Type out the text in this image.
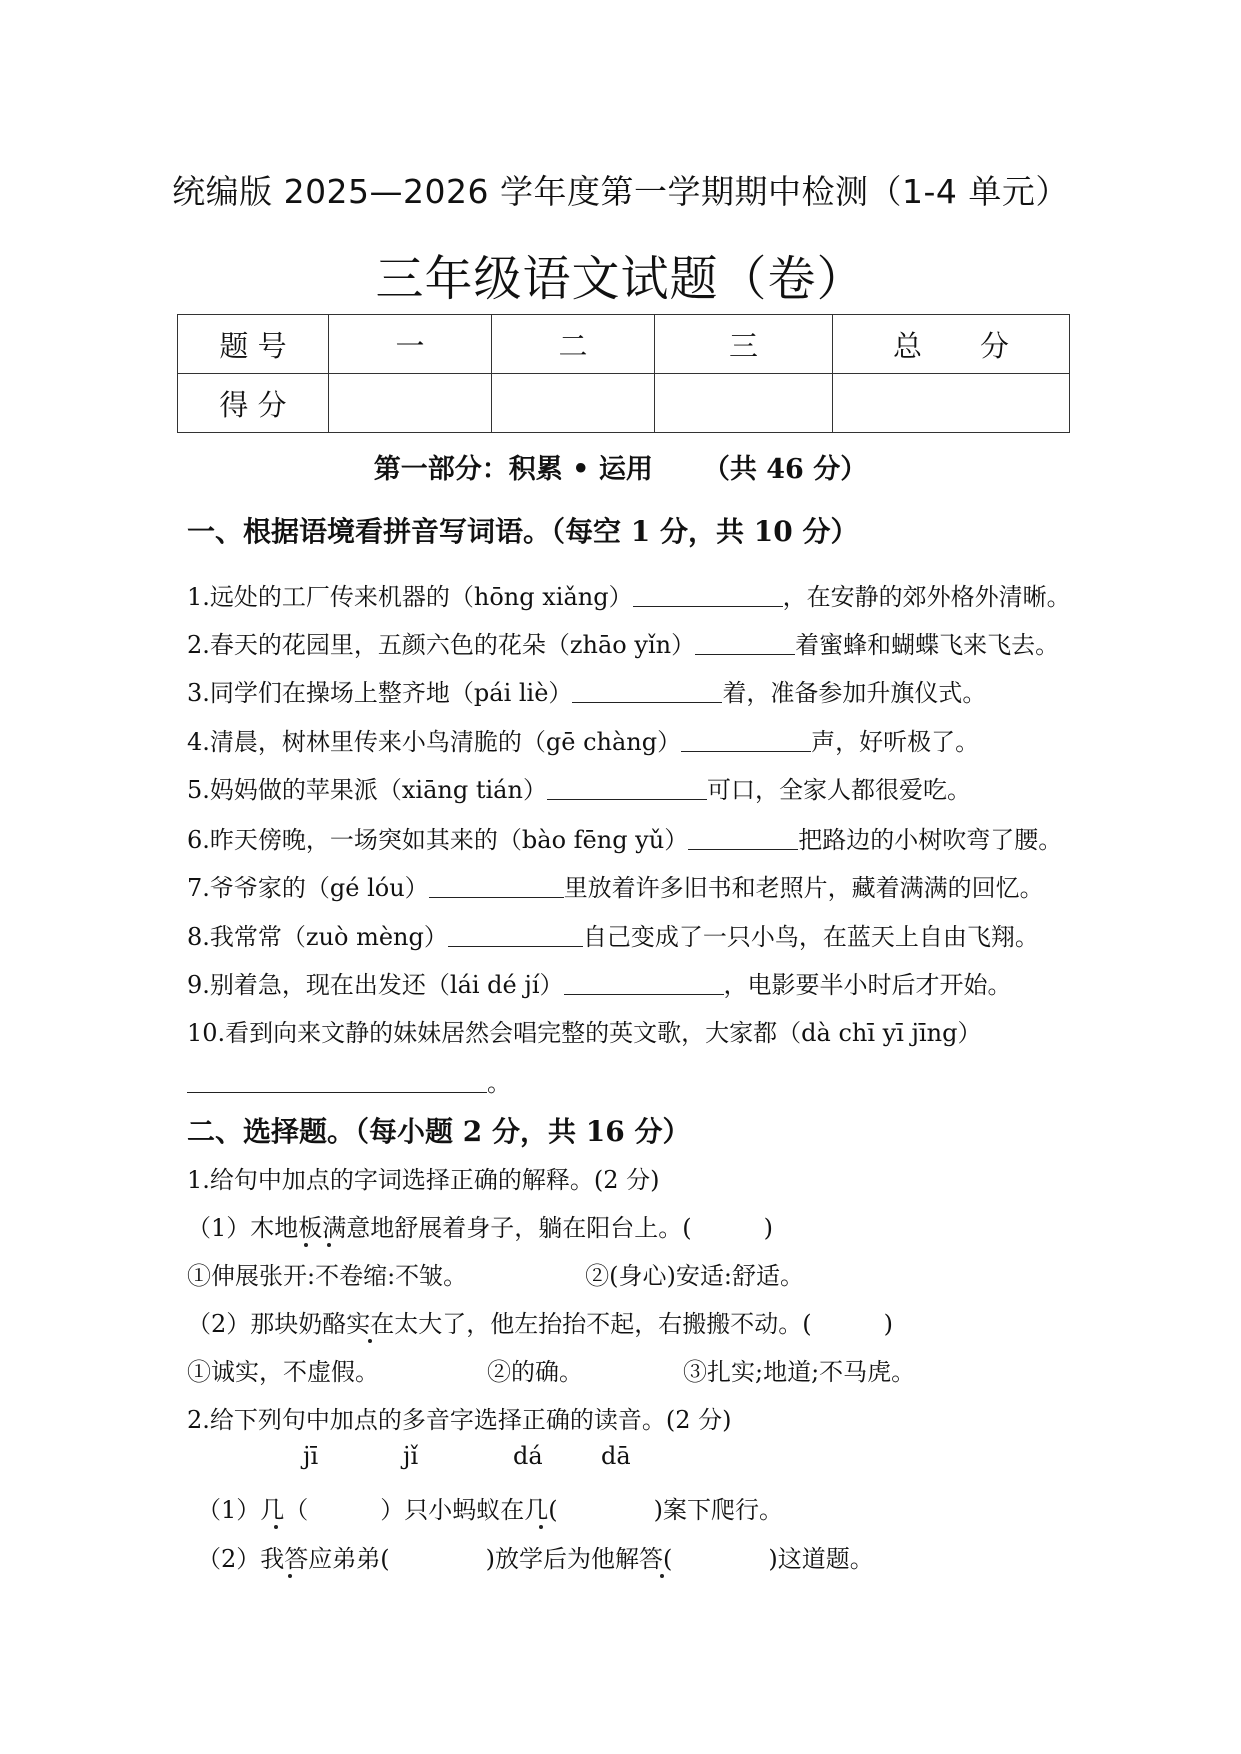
统编版 2025—2026 学年度第一学期期中检测（1-4 单元）
三年级语文试题（卷）
题 号	一	二	三	总　　分
得 分				
第一部分：积累 • 运用 （共 46 分）
一、根据语境看拼音写词语。（每空 1 分，共 10 分）
1.远处的工厂传来机器的（hōng xiǎng）	，在安静的郊外格外清晰。
2.春天的花园里，五颜六色的花朵（zhāo yǐn）	着蜜蜂和蝴蝶飞来飞去。
3.同学们在操场上整齐地（pái liè）	着，准备参加升旗仪式。
4.清晨，树林里传来小鸟清脆的（gē chàng）	声，好听极了。
5.妈妈做的苹果派（xiāng tián）	可口，全家人都很爱吃。
6.昨天傍晚，一场突如其来的（bào fēng yǔ）	把路边的小树吹弯了腰。
7.爷爷家的（gé lóu）	里放着许多旧书和老照片，藏着满满的回忆。
8.我常常（zuò mèng）	自己变成了一只小鸟，在蓝天上自由飞翔。
9.别着急，现在出发还（lái dé jí）	，电影要半小时后才开始。
10.看到向来文静的妹妹居然会唱完整的英文歌，大家都（dà chī yī jīng）
。
二、选择题。（每小题 2 分，共 16 分）
1.给句中加点的字词选择正确的解释。(2 分)
（1）木地板满意地舒展着身子，躺在阳台上。(　　　)
①伸展张开:不卷缩:不皱。	②(身心)安适:舒适。
（2）那块奶酪实在太大了，他左抬抬不起，右搬搬不动。(　　　)
①诚实，不虚假。	②的确。	③扎实;地道;不马虎。
2.给下列句中加点的多音字选择正确的读音。(2 分)
jī	jǐ	dá dā
（1）几（　　　）只小蚂蚁在几(　　　　)案下爬行。
（2）我答应弟弟(　　　　)放学后为他解答(　　　　)这道题。
